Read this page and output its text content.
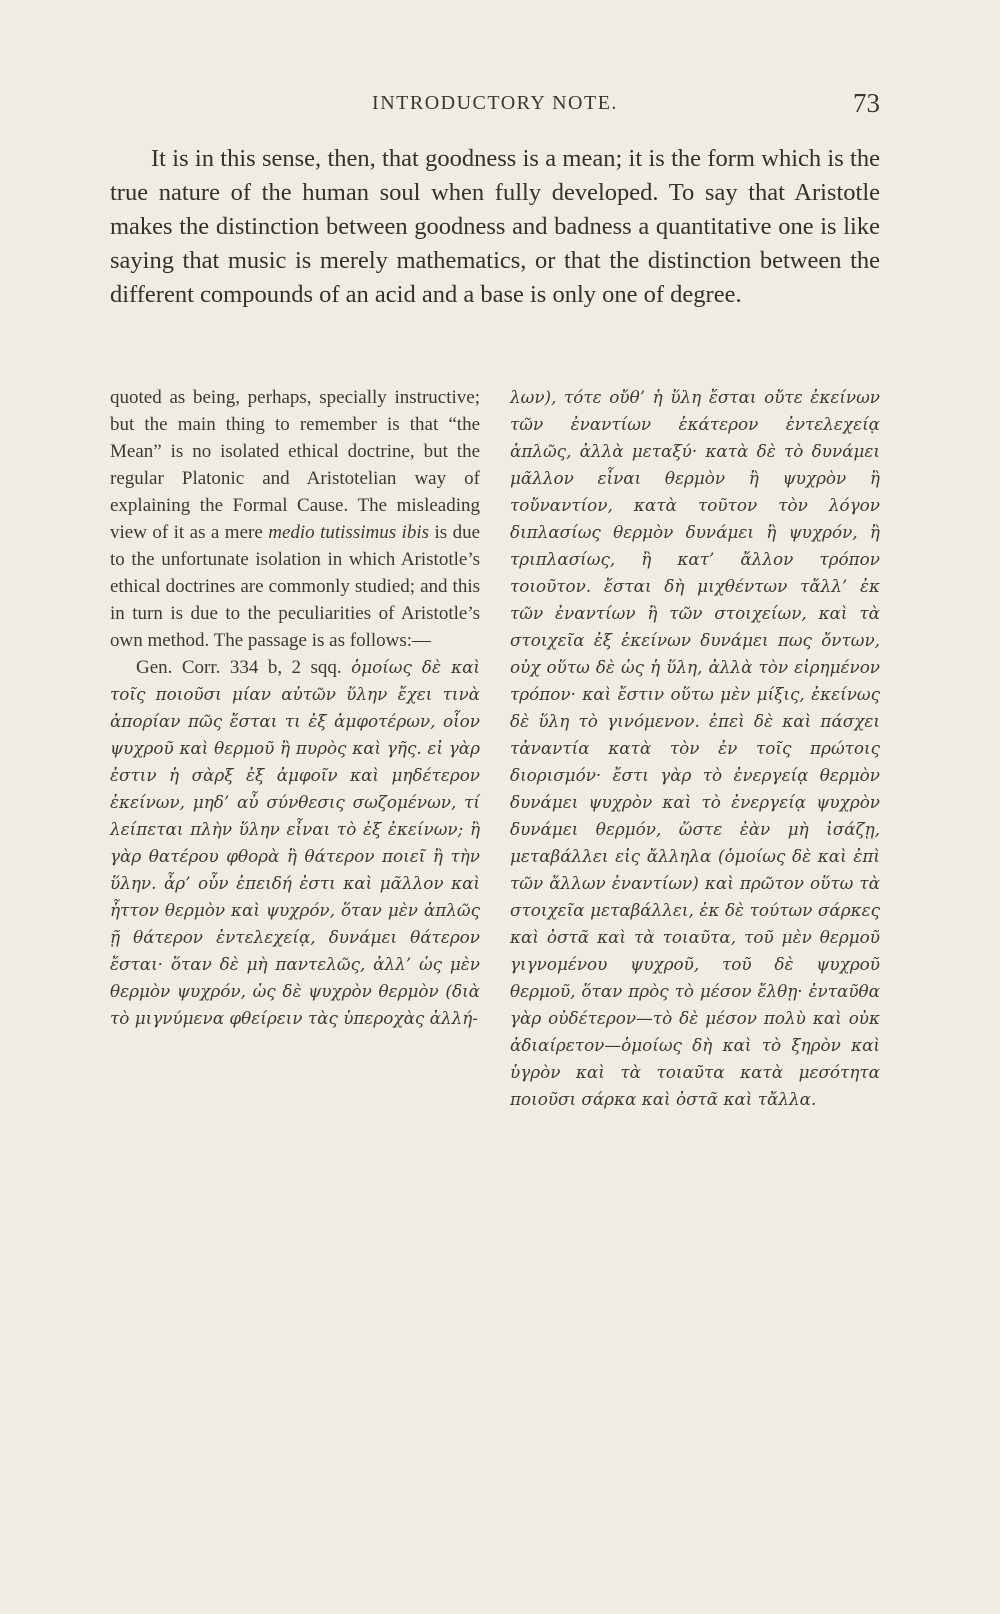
INTRODUCTORY NOTE.	73

It is in this sense, then, that goodness is a mean; it is the form which is the true nature of the human soul when fully developed. To say that Aristotle makes the distinction between goodness and badness a quantitative one is like saying that music is merely mathematics, or that the distinction between the different compounds of an acid and a base is only one of degree.

quoted as being, perhaps, specially instructive; but the main thing to remember is that “the Mean” is no isolated ethical doctrine, but the regular Platonic and Aristotelian way of explaining the Formal Cause. The misleading view of it as a mere medio tutissimus ibis is due to the unfortunate isolation in which Aristotle’s ethical doctrines are commonly studied; and this in turn is due to the peculiarities of Aristotle’s own method. The passage is as follows:—

Gen. Corr. 334 b, 2 sqq. ὁμοίως δὲ καὶ τοῖς ποιοῦσι μίαν αὐτῶν ὕλην ἔχει τινὰ ἀπορίαν πῶς ἔσται τι ἐξ ἀμφοτέρων, οἷον ψυχροῦ καὶ θερμοῦ ἢ πυρὸς καὶ γῆς. εἰ γὰρ ἐστιν ἡ σὰρξ ἐξ ἀμφοῖν καὶ μηδέτερον ἐκείνων, μηδ’ αὖ σύνθεσις σωζομένων, τί λείπεται πλὴν ὕλην εἶναι τὸ ἐξ ἐκείνων; ἢ γὰρ θατέρου φθορὰ ἢ θάτερον ποιεῖ ἢ τὴν ὕλην. ἆρ’ οὖν ἐπειδή ἐστι καὶ μᾶλλον καὶ ἧττον θερμὸν καὶ ψυχρόν, ὅταν μὲν ἁπλῶς ῇ θάτερον ἐντελεχείᾳ, δυνάμει θάτερον ἔσται· ὅταν δὲ μὴ παντελῶς, ἀλλ’ ὡς μὲν θερμὸν ψυχρόν, ὡς δὲ ψυχρὸν θερμὸν (διὰ τὸ μιγνύμενα φθείρειν τὰς ὑπεροχὰς ἀλλή-

λων), τότε οὔθ’ ἡ ὕλη ἔσται οὔτε ἐκείνων τῶν ἐναντίων ἑκάτερον ἐντελεχείᾳ ἁπλῶς, ἀλλὰ μεταξύ· κατὰ δὲ τὸ δυνάμει μᾶλλον εἶναι θερμὸν ἢ ψυχρὸν ἢ τοὔναντίον, κατὰ τοῦτον τὸν λόγον διπλασίως θερμὸν δυνάμει ἢ ψυχρόν, ἢ τριπλασίως, ἢ κατ’ ἄλλον τρόπον τοιοῦτον. ἔσται δὴ μιχθέντων τἄλλ’ ἐκ τῶν ἐναντίων ἢ τῶν στοιχείων, καὶ τὰ στοιχεῖα ἐξ ἐκείνων δυνάμει πως ὄντων, οὐχ οὕτω δὲ ὡς ἡ ὕλη, ἀλλὰ τὸν εἰρημένον τρόπον· καὶ ἔστιν οὕτω μὲν μίξις, ἐκείνως δὲ ὕλη τὸ γινόμενον. ἐπεὶ δὲ καὶ πάσχει τἀναντία κατὰ τὸν ἐν τοῖς πρώτοις διορισμόν· ἔστι γὰρ τὸ ἐνεργείᾳ θερμὸν δυνάμει ψυχρὸν καὶ τὸ ἐνεργείᾳ ψυχρὸν δυνάμει θερμόν, ὥστε ἐὰν μὴ ἰσάζῃ, μεταβάλλει εἰς ἄλληλα (ὁμοίως δὲ καὶ ἐπὶ τῶν ἄλλων ἐναντίων) καὶ πρῶτον οὕτω τὰ στοιχεῖα μεταβάλλει, ἐκ δὲ τούτων σάρκες καὶ ὀστᾶ καὶ τὰ τοιαῦτα, τοῦ μὲν θερμοῦ γιγνομένου ψυχροῦ, τοῦ δὲ ψυχροῦ θερμοῦ, ὅταν πρὸς τὸ μέσον ἔλθῃ· ἐνταῦθα γὰρ οὐδέτερον—τὸ δὲ μέσον πολὺ καὶ οὐκ ἀδιαίρετον—ὁμοίως δὴ καὶ τὸ ξηρὸν καὶ ὑγρὸν καὶ τὰ τοιαῦτα κατὰ μεσότητα ποιοῦσι σάρκα καὶ ὀστᾶ καὶ τἄλλα.
